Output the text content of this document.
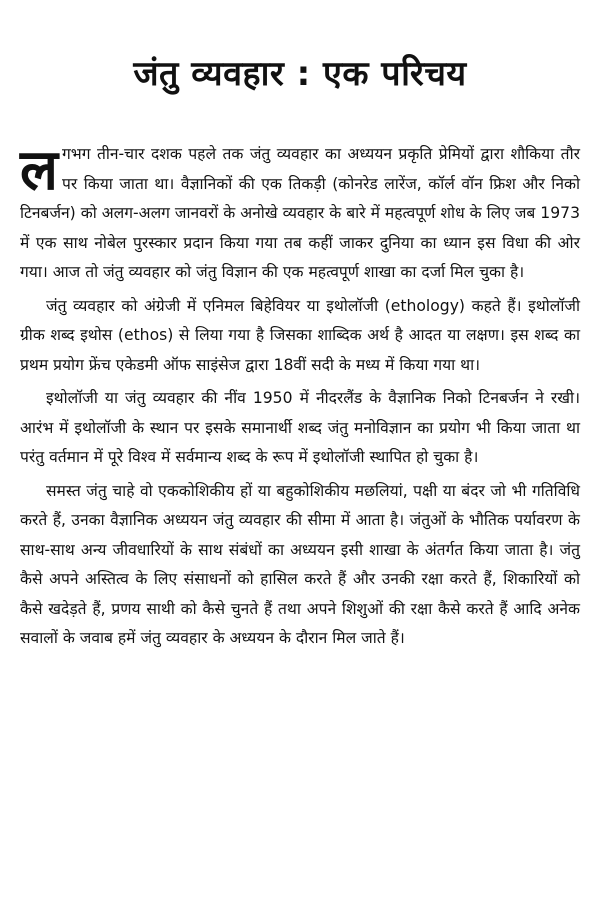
जंतु व्यवहार : एक परिचय

लगभग तीन-चार दशक पहले तक जंतु व्यवहार का अध्ययन प्रकृति प्रेमियों द्वारा शौकिया तौर पर किया जाता था। वैज्ञानिकों की एक तिकड़ी (कोनरेड लारेंज, कॉर्ल वॉन फ्रिश और निको टिनबर्जन) को अलग-अलग जानवरों के अनोखे व्यवहार के बारे में महत्वपूर्ण शोध के लिए जब 1973 में एक साथ नोबेल पुरस्कार प्रदान किया गया तब कहीं जाकर दुनिया का ध्यान इस विधा की ओर गया। आज तो जंतु व्यवहार को जंतु विज्ञान की एक महत्वपूर्ण शाखा का दर्जा मिल चुका है।

जंतु व्यवहार को अंग्रेजी में एनिमल बिहेवियर या इथोलॉजी (ethology) कहते हैं। इथोलॉजी ग्रीक शब्द इथोस (ethos) से लिया गया है जिसका शाब्दिक अर्थ है आदत या लक्षण। इस शब्द का प्रथम प्रयोग फ्रेंच एकेडमी ऑफ साइंसेज द्वारा 18वीं सदी के मध्य में किया गया था।

इथोलॉजी या जंतु व्यवहार की नींव 1950 में नीदरलैंड के वैज्ञानिक निको टिनबर्जन ने रखी। आरंभ में इथोलॉजी के स्थान पर इसके समानार्थी शब्द जंतु मनोविज्ञान का प्रयोग भी किया जाता था परंतु वर्तमान में पूरे विश्व में सर्वमान्य शब्द के रूप में इथोलॉजी स्थापित हो चुका है।

समस्त जंतु चाहे वो एककोशिकीय हों या बहुकोशिकीय मछलियां, पक्षी या बंदर जो भी गतिविधि करते हैं, उनका वैज्ञानिक अध्ययन जंतु व्यवहार की सीमा में आता है। जंतुओं के भौतिक पर्यावरण के साथ-साथ अन्य जीवधारियों के साथ संबंधों का अध्ययन इसी शाखा के अंतर्गत किया जाता है। जंतु कैसे अपने अस्तित्व के लिए संसाधनों को हासिल करते हैं और उनकी रक्षा करते हैं, शिकारियों को कैसे खदेड़ते हैं, प्रणय साथी को कैसे चुनते हैं तथा अपने शिशुओं की रक्षा कैसे करते हैं आदि अनेक सवालों के जवाब हमें जंतु व्यवहार के अध्ययन के दौरान मिल जाते हैं।
